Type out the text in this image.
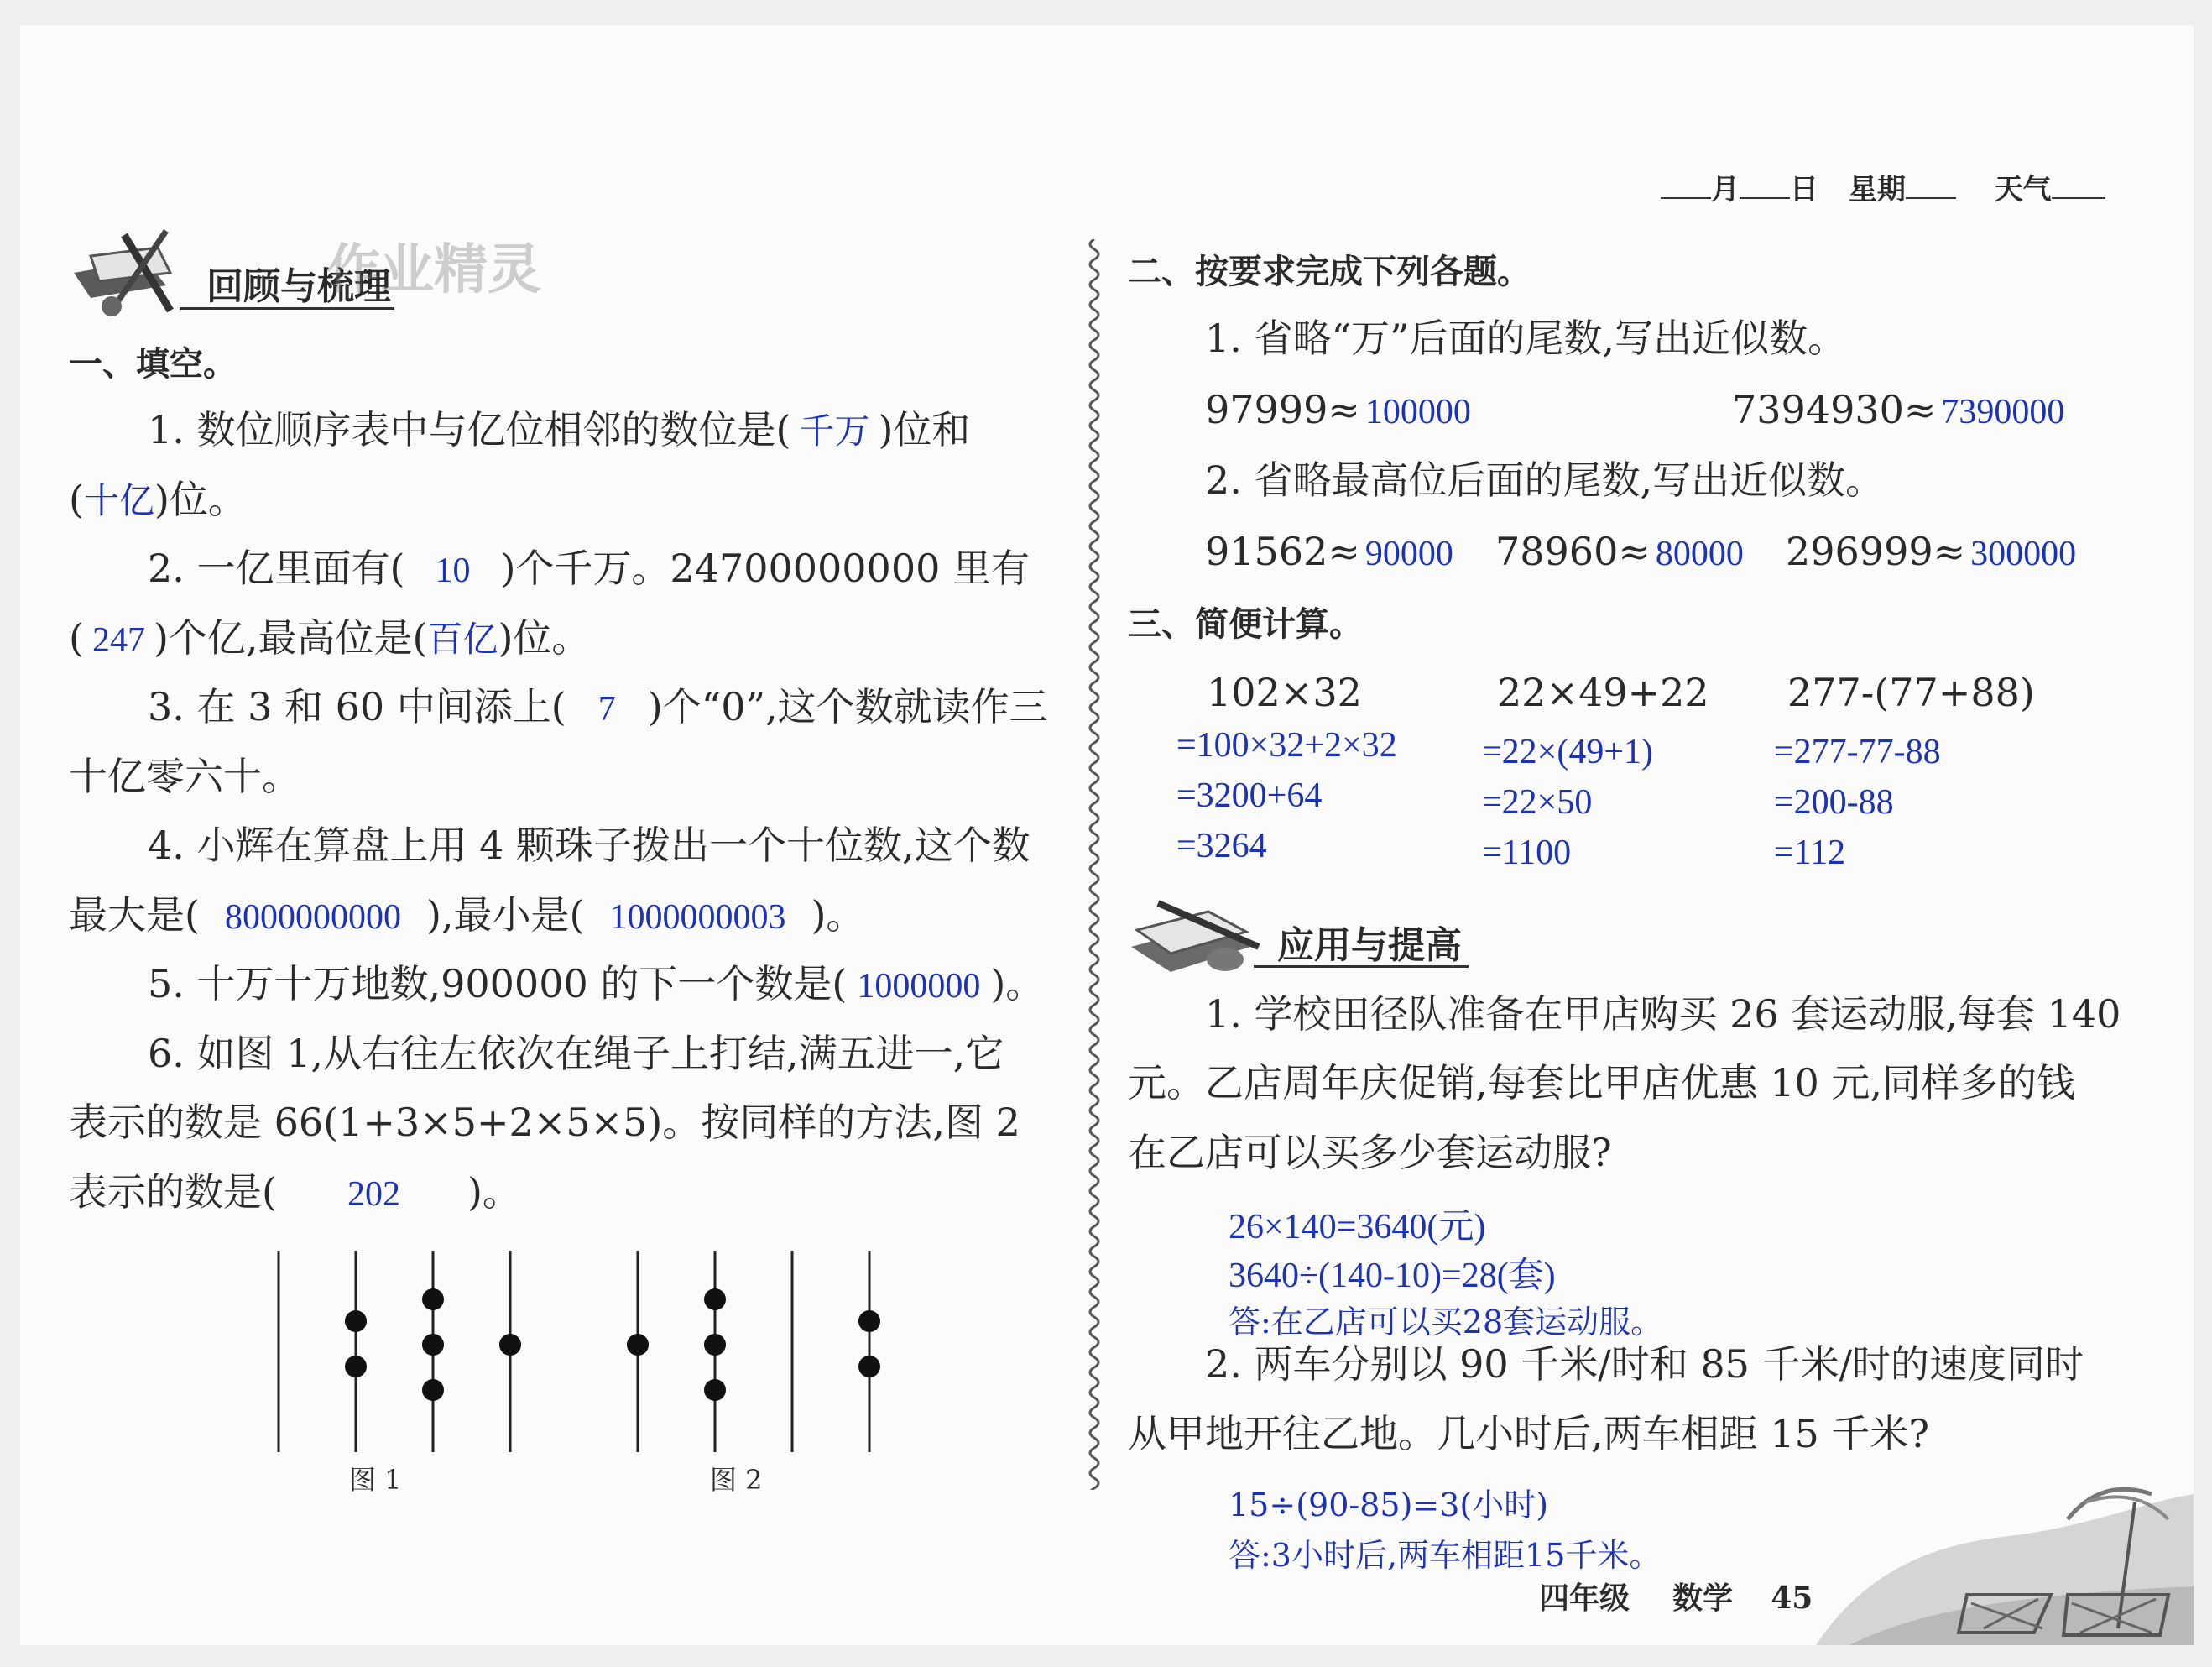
月 日 星期	天气
回顾与梳理
作业精灵
一、填空。
1. 数位顺序表中与亿位相邻的数位是( 千万 )位和
(十亿)位。
2. 一亿里面有( 10 )个千万。24700000000 里有
( 247 )个亿,最高位是(百亿)位。
3. 在 3 和 60 中间添上( 7 )个“0”,这个数就读作三
十亿零六十。
4. 小辉在算盘上用 4 颗珠子拨出一个十位数,这个数
最大是( 8000000000 ),最小是( 1000000003 )。
5. 十万十万地数,900000 的下一个数是( 1000000 )。
6. 如图 1,从右往左依次在绳子上打结,满五进一,它
表示的数是 66(1+3×5+2×5×5)。按同样的方法,图 2
表示的数是( 202 )。
图 1	图 2
二、按要求完成下列各题。
1. 省略“万”后面的尾数,写出近似数。
97999≈ 100000	7394930≈ 7390000
2. 省略最高位后面的尾数,写出近似数。
91562≈ 90000 78960≈ 80000 296999≈ 300000
三、简便计算。
102×32
=100×32+2×32
=3200+64
=3264
22×49+22
=22×(49+1)
=22×50
=1100
277-(77+88)
=277-77-88
=200-88
=112
应用与提高
1. 学校田径队准备在甲店购买 26 套运动服,每套 140
元。乙店周年庆促销,每套比甲店优惠 10 元,同样多的钱
在乙店可以买多少套运动服?
26×140=3640(元)
3640÷(140-10)=28(套)
答:在乙店可以买28套运动服。
2. 两车分别以 90 千米/时和 85 千米/时的速度同时
从甲地开往乙地。几小时后,两车相距 15 千米?
15÷(90-85)=3(小时)
答:3小时后,两车相距15千米。
四年级 数学 45
